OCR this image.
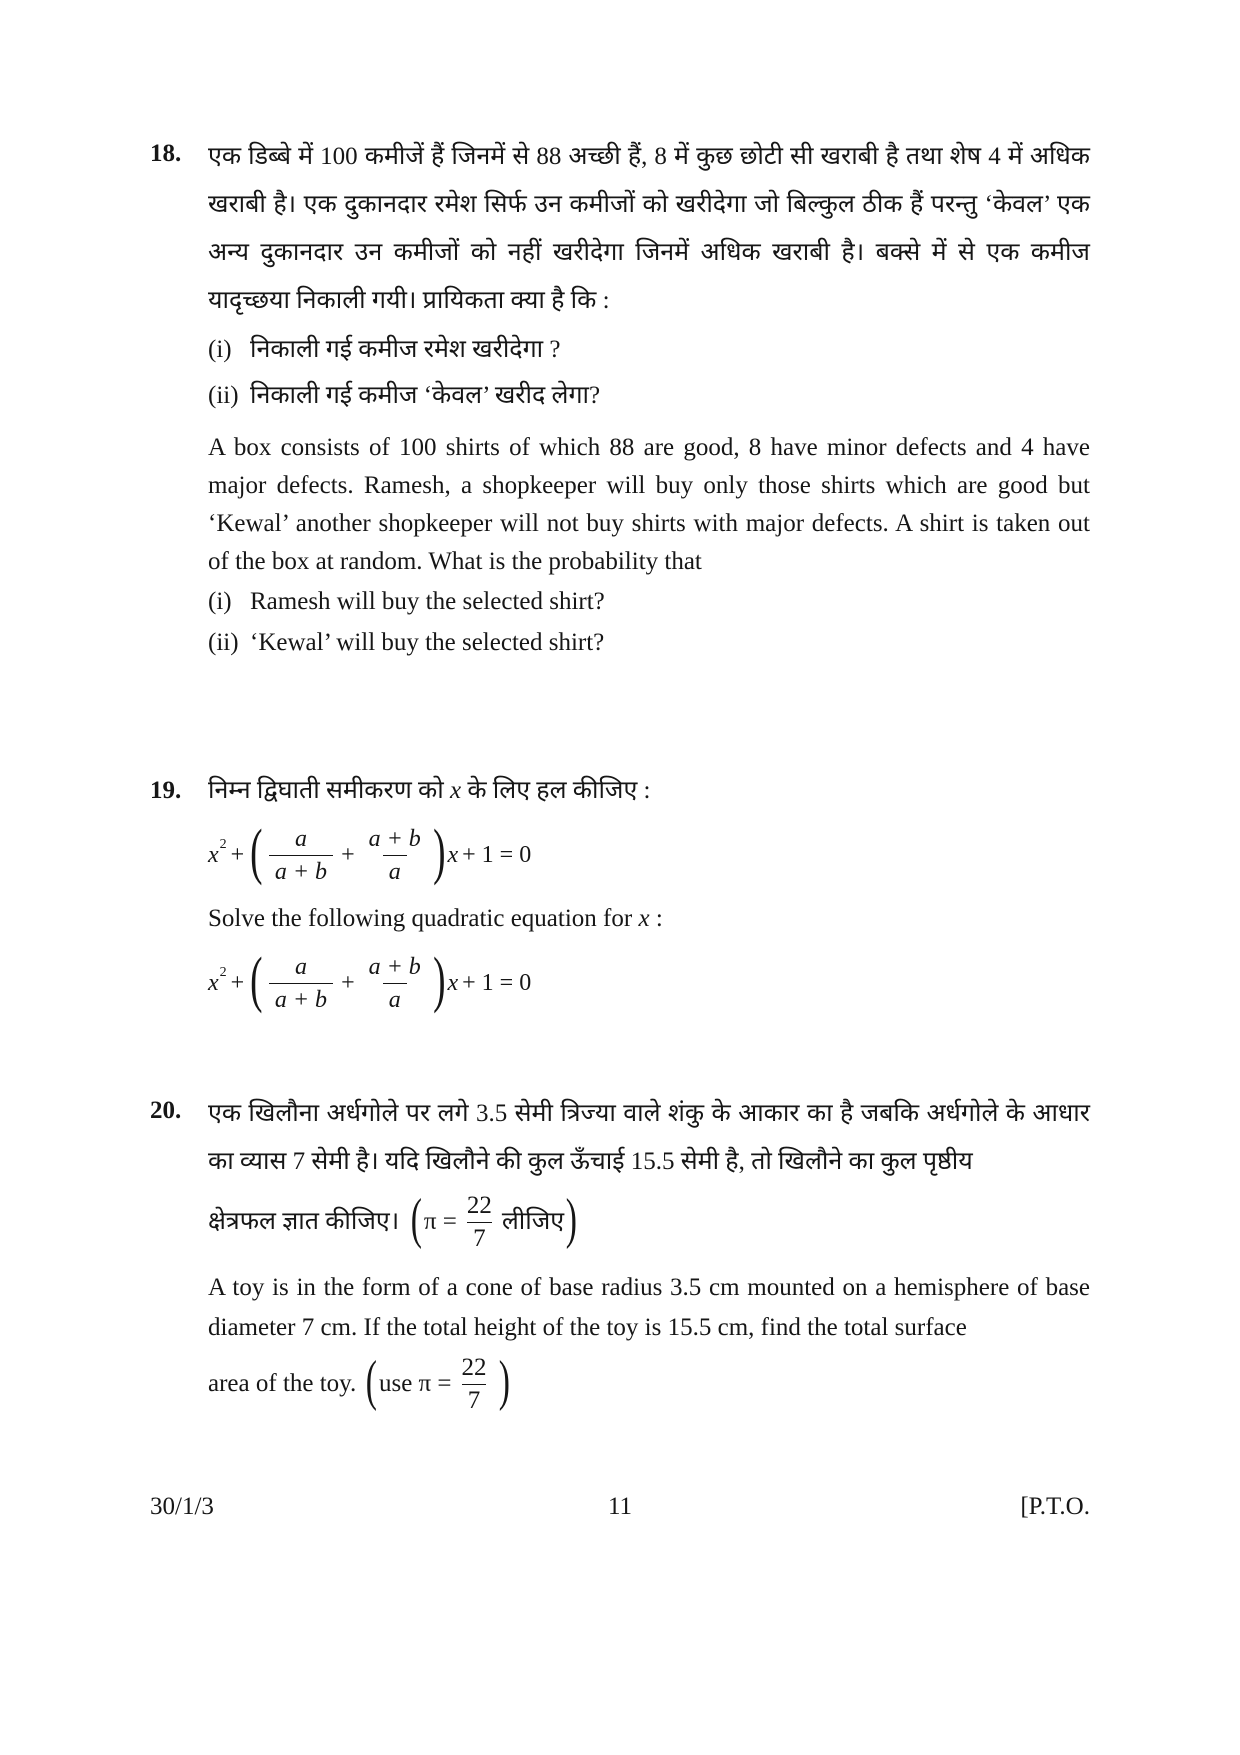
18. एक डिब्बे में 100 कमीजें हैं जिनमें से 88 अच्छी हैं, 8 में कुछ छोटी सी खराबी है तथा शेष 4 में अधिक खराबी है। एक दुकानदार रमेश सिर्फ उन कमीजों को खरीदेगा जो बिल्कुल ठीक हैं परन्तु ‘केवल’ एक अन्य दुकानदार उन कमीजों को नहीं खरीदेगा जिनमें अधिक खराबी है। बक्से में से एक कमीज यादृच्छया निकाली गयी। प्रायिकता क्या है कि :

(i) निकाली गई कमीज रमेश खरीदेगा ?
(ii) निकाली गई कमीज ‘केवल’ खरीद लेगा?

A box consists of 100 shirts of which 88 are good, 8 have minor defects and 4 have major defects. Ramesh, a shopkeeper will buy only those shirts which are good but ‘Kewal’ another shopkeeper will not buy shirts with major defects. A shirt is taken out of the box at random. What is the probability that

(i) Ramesh will buy the selected shirt?
(ii) ‘Kewal’ will buy the selected shirt?
19. निम्न द्विघाती समीकरण को x के लिए हल कीजिए :
x 2 + ( $\frac{a}{a + b} + \frac{a + b}{a}$ ) x + 1 = 0
Solve the following quadratic equation for x :
x 2 + ( $\frac{a}{a + b} + \frac{a + b}{a}$ ) x + 1 = 0
20. एक खिलौना अर्धगोले पर लगे 3.5 सेमी त्रिज्या वाले शंकु के आकार का है जबकि अर्धगोले के आधार का व्यास 7 सेमी है। यदि खिलौने की कुल ऊँचाई 15.5 सेमी है, तो खिलौने का कुल पृष्ठीय

क्षेत्रफल ज्ञात कीजिए। ( $\pi = \frac{22}{7}$ लीजिए )

A toy is in the form of a cone of base radius 3.5 cm mounted on a hemisphere of base diameter 7 cm. If the total height of the toy is 15.5 cm, find the total surface

area of the toy. ( use $\pi = \frac{22}{7}$ )
30/1/3	11	[P.T.O.
